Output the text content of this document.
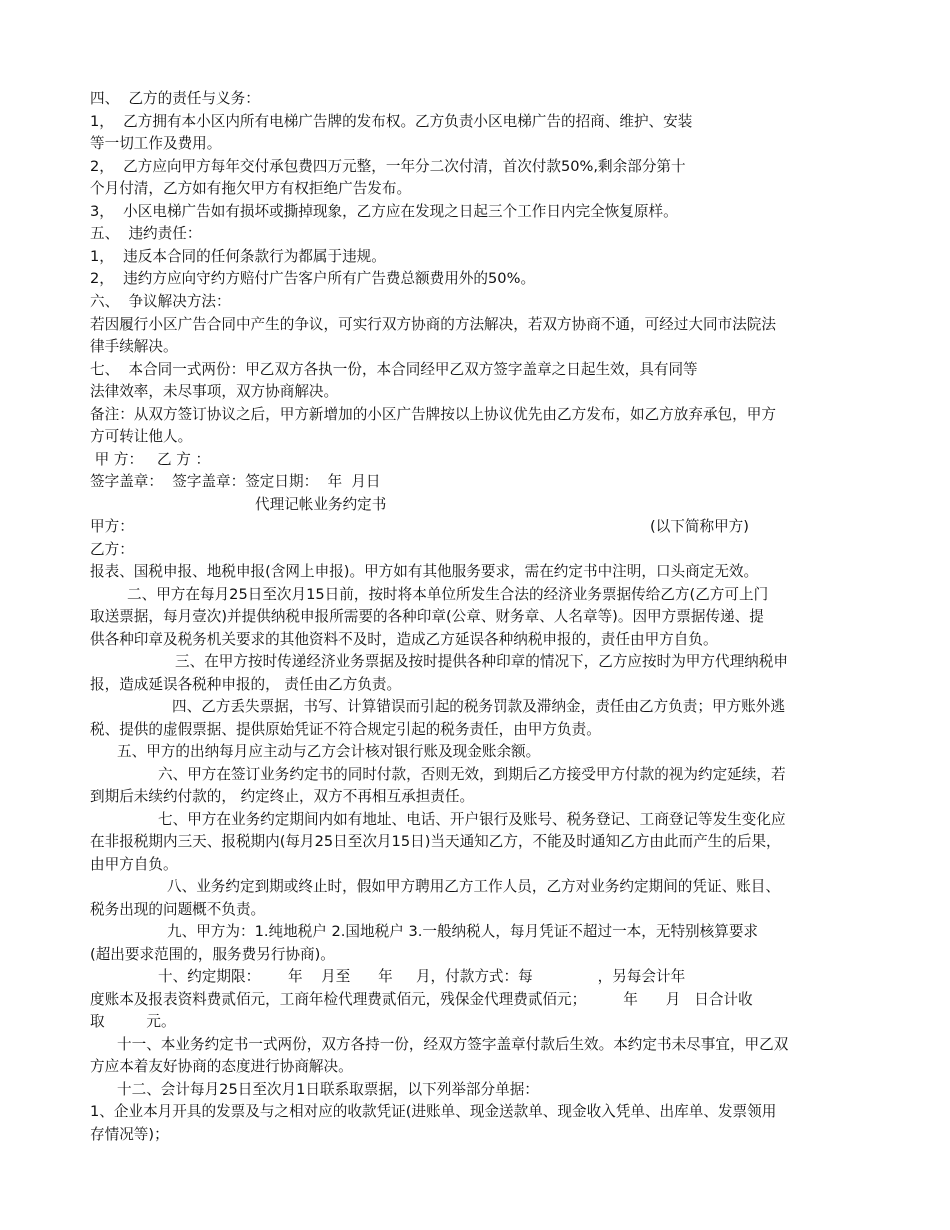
四、  乙方的责任与义务：
1，  乙方拥有本小区内所有电梯广告牌的发布权。乙方负责小区电梯广告的招商、维护、安装
等一切工作及费用。
2，  乙方应向甲方每年交付承包费四万元整，一年分二次付清，首次付款50%,剩余部分第十
个月付清，乙方如有拖欠甲方有权拒绝广告发布。
3，  小区电梯广告如有损坏或撕掉现象，乙方应在发现之日起三个工作日内完全恢复原样。
五、  违约责任：
1，  违反本合同的任何条款行为都属于违规。
2，  违约方应向守约方赔付广告客户所有广告费总额费用外的50%。
六、  争议解决方法：
若因履行小区广告合同中产生的争议，可实行双方协商的方法解决，若双方协商不通，可经过大同市法院法
律手续解决。
七、  本合同一式两份：甲乙双方各执一份，本合同经甲乙双方签字盖章之日起生效，具有同等
法律效率，未尽事项，双方协商解决。
备注：从双方签订协议之后，甲方新增加的小区广告牌按以上协议优先由乙方发布，如乙方放弃承包，甲方
方可转让他人。
甲 方：   乙 方 ：
签字盖章：  签字盖章：签定日期：  年  月日
代理记帐业务约定书
甲方：	(以下简称甲方)
乙方：
报表、国税申报、地税申报(含网上申报)。甲方如有其他服务要求，需在约定书中注明，口头商定无效。
二、甲方在每月25日至次月15日前，按时将本单位所发生合法的经济业务票据传给乙方(乙方可上门
取送票据，每月壹次)并提供纳税申报所需要的各种印章(公章、财务章、人名章等)。因甲方票据传递、提
供各种印章及税务机关要求的其他资料不及时，造成乙方延误各种纳税申报的，责任由甲方自负。
三、在甲方按时传递经济业务票据及按时提供各种印章的情况下，乙方应按时为甲方代理纳税申
报，造成延误各税种申报的， 责任由乙方负责。
四、乙方丢失票据，书写、计算错误而引起的税务罚款及滞纳金，责任由乙方负责；甲方账外逃
税、提供的虚假票据、提供原始凭证不符合规定引起的税务责任，由甲方负责。
五、甲方的出纳每月应主动与乙方会计核对银行账及现金账余额。
六、甲方在签订业务约定书的同时付款，否则无效，到期后乙方接受甲方付款的视为约定延续，若
到期后未续约付款的， 约定终止，双方不再相互承担责任。
七、甲方在业务约定期间内如有地址、电话、开户银行及账号、税务登记、工商登记等发生变化应
在非报税期内三天、报税期内(每月25日至次月15日)当天通知乙方，不能及时通知乙方由此而产生的后果，
由甲方自负。
八、业务约定到期或终止时，假如甲方聘用乙方工作人员，乙方对业务约定期间的凭证、账目、
税务出现的问题概不负责。
九、甲方为：1.纯地税户 2.国地税户 3.一般纳税人，每月凭证不超过一本，无特别核算要求
(超出要求范围的，服务费另行协商)。
十、约定期限：      年    月至      年     月，付款方式：每              ，另每会计年
度账本及报表资料费贰佰元，工商年检代理费贰佰元，残保金代理费贰佰元；        年      月   日合计收
取         元。
十一、本业务约定书一式两份，双方各持一份，经双方签字盖章付款后生效。本约定书未尽事宜，甲乙双
方应本着友好协商的态度进行协商解决。
十二、会计每月25日至次月1日联系取票据，以下列举部分单据：
1、企业本月开具的发票及与之相对应的收款凭证(进账单、现金送款单、现金收入凭单、出库单、发票领用
存情况等)；
